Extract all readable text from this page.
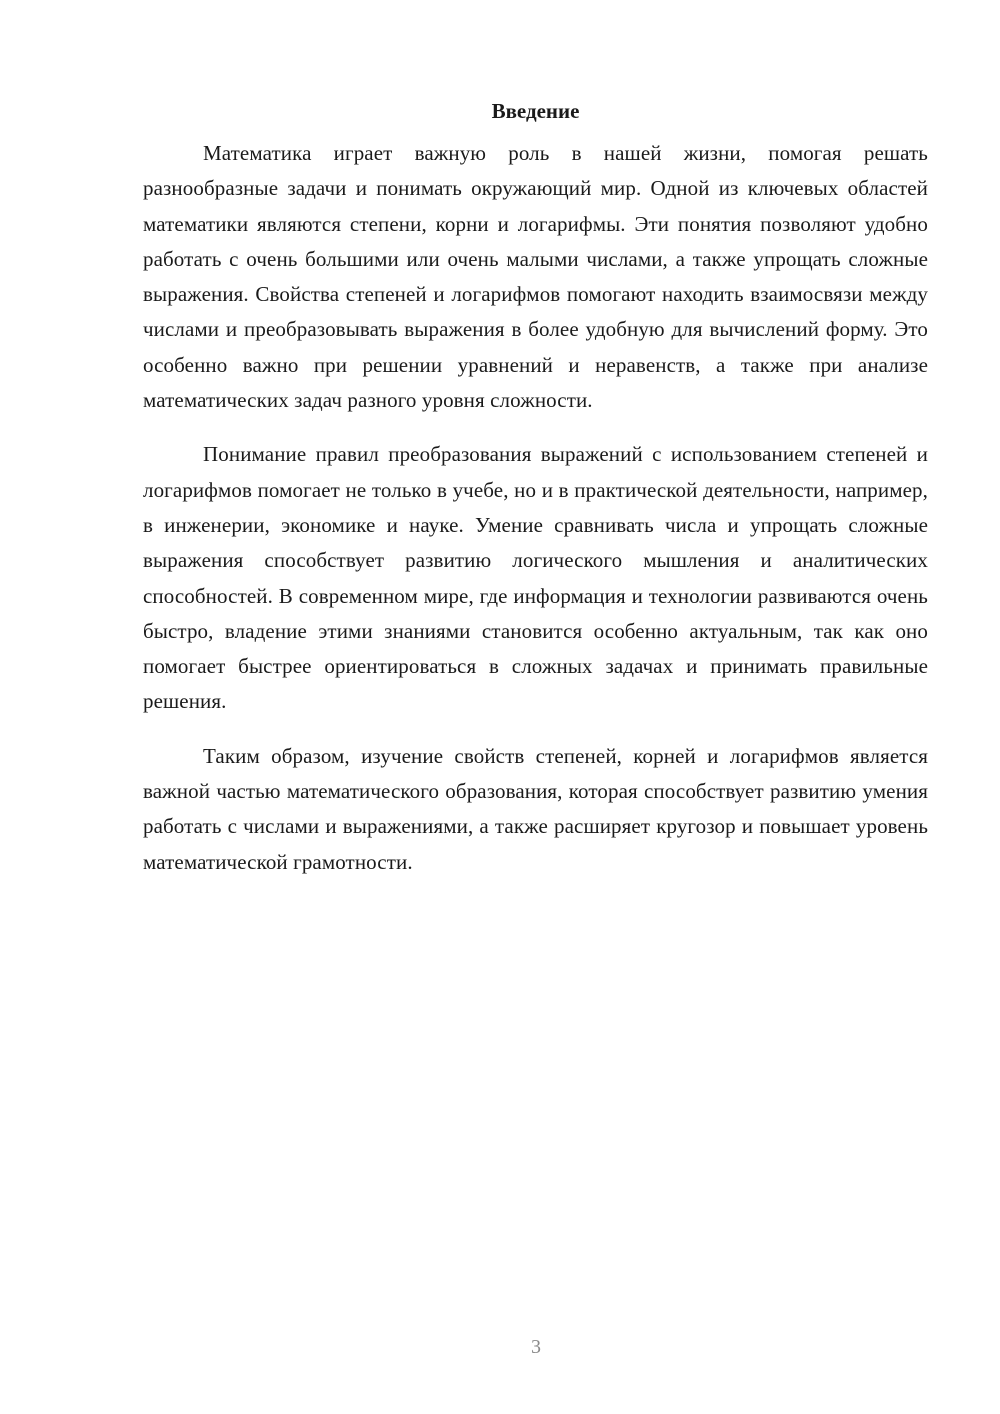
Введение

Математика играет важную роль в нашей жизни, помогая решать разнообразные задачи и понимать окружающий мир. Одной из ключевых областей математики являются степени, корни и логарифмы. Эти понятия позволяют удобно работать с очень большими или очень малыми числами, а также упрощать сложные выражения. Свойства степеней и логарифмов помогают находить взаимосвязи между числами и преобразовывать выражения в более удобную для вычислений форму. Это особенно важно при решении уравнений и неравенств, а также при анализе математических задач разного уровня сложности.

Понимание правил преобразования выражений с использованием степеней и логарифмов помогает не только в учебе, но и в практической деятельности, например, в инженерии, экономике и науке. Умение сравнивать числа и упрощать сложные выражения способствует развитию логического мышления и аналитических способностей. В современном мире, где информация и технологии развиваются очень быстро, владение этими знаниями становится особенно актуальным, так как оно помогает быстрее ориентироваться в сложных задачах и принимать правильные решения.

Таким образом, изучение свойств степеней, корней и логарифмов является важной частью математического образования, которая способствует развитию умения работать с числами и выражениями, а также расширяет кругозор и повышает уровень математической грамотности.

3
